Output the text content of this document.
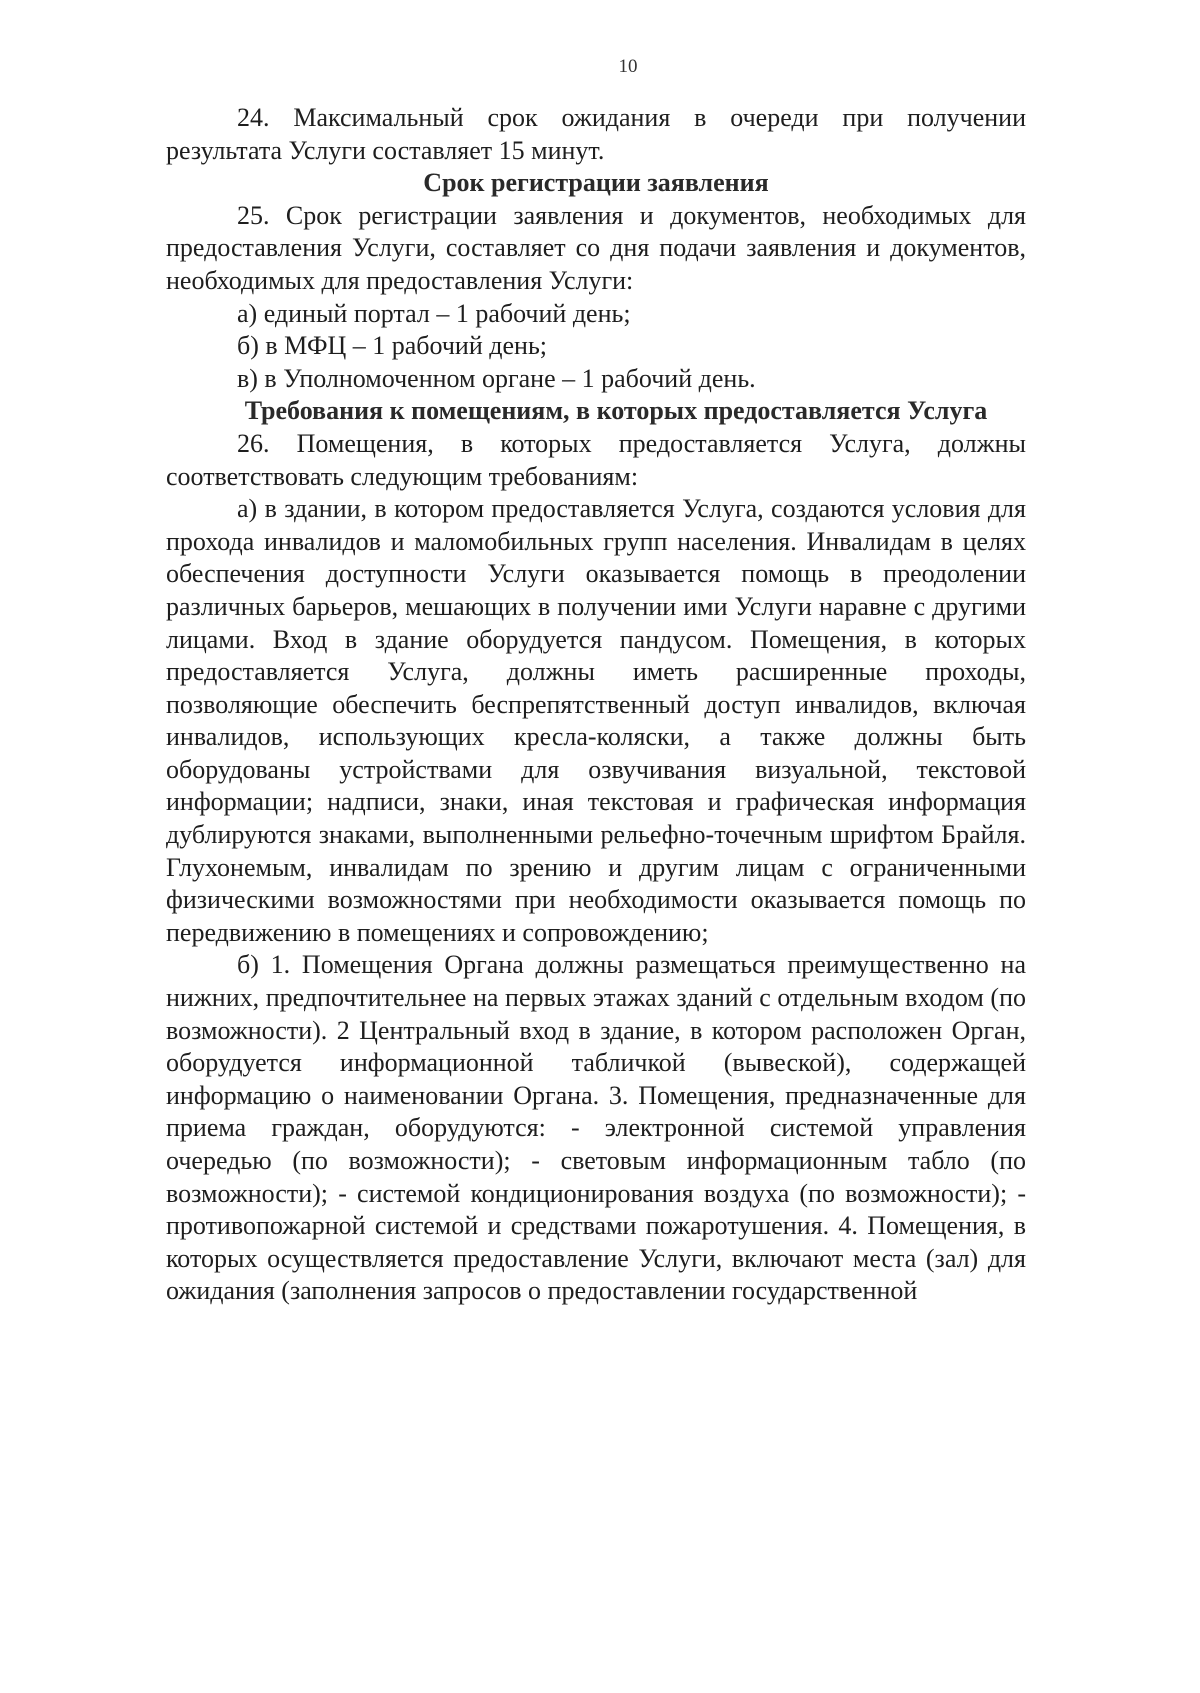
10

24. Максимальный срок ожидания в очереди при получении результата Услуги составляет 15 минут.

Срок регистрации заявления

25. Срок регистрации заявления и документов, необходимых для предоставления Услуги, составляет со дня подачи заявления и документов, необходимых для предоставления Услуги:

а) единый портал – 1 рабочий день;

б) в МФЦ – 1 рабочий день;

в) в Уполномоченном органе – 1 рабочий день.

Требования к помещениям, в которых предоставляется Услуга

26. Помещения, в которых предоставляется Услуга, должны соответствовать следующим требованиям:

а) в здании, в котором предоставляется Услуга, создаются условия для прохода инвалидов и маломобильных групп населения. Инвалидам в целях обеспечения доступности Услуги оказывается помощь в преодолении различных барьеров, мешающих в получении ими Услуги наравне с другими лицами. Вход в здание оборудуется пандусом. Помещения, в которых предоставляется Услуга, должны иметь расширенные проходы, позволяющие обеспечить беспрепятственный доступ инвалидов, включая инвалидов, использующих кресла-коляски, а также должны быть оборудованы устройствами для озвучивания визуальной, текстовой информации; надписи, знаки, иная текстовая и графическая информация дублируются знаками, выполненными рельефно-точечным шрифтом Брайля. Глухонемым, инвалидам по зрению и другим лицам с ограниченными физическими возможностями при необходимости оказывается помощь по передвижению в помещениях и сопровождению;

б) 1. Помещения Органа должны размещаться преимущественно на нижних, предпочтительнее на первых этажах зданий с отдельным входом (по возможности). 2 Центральный вход в здание, в котором расположен Орган, оборудуется информационной табличкой (вывеской), содержащей информацию о наименовании Органа. 3. Помещения, предназначенные для приема граждан, оборудуются: - электронной системой управления очередью (по возможности); - световым информационным табло (по возможности); - системой кондиционирования воздуха (по возможности); - противопожарной системой и средствами пожаротушения. 4. Помещения, в которых осуществляется предоставление Услуги, включают места (зал) для ожидания (заполнения запросов о предоставлении государственной
